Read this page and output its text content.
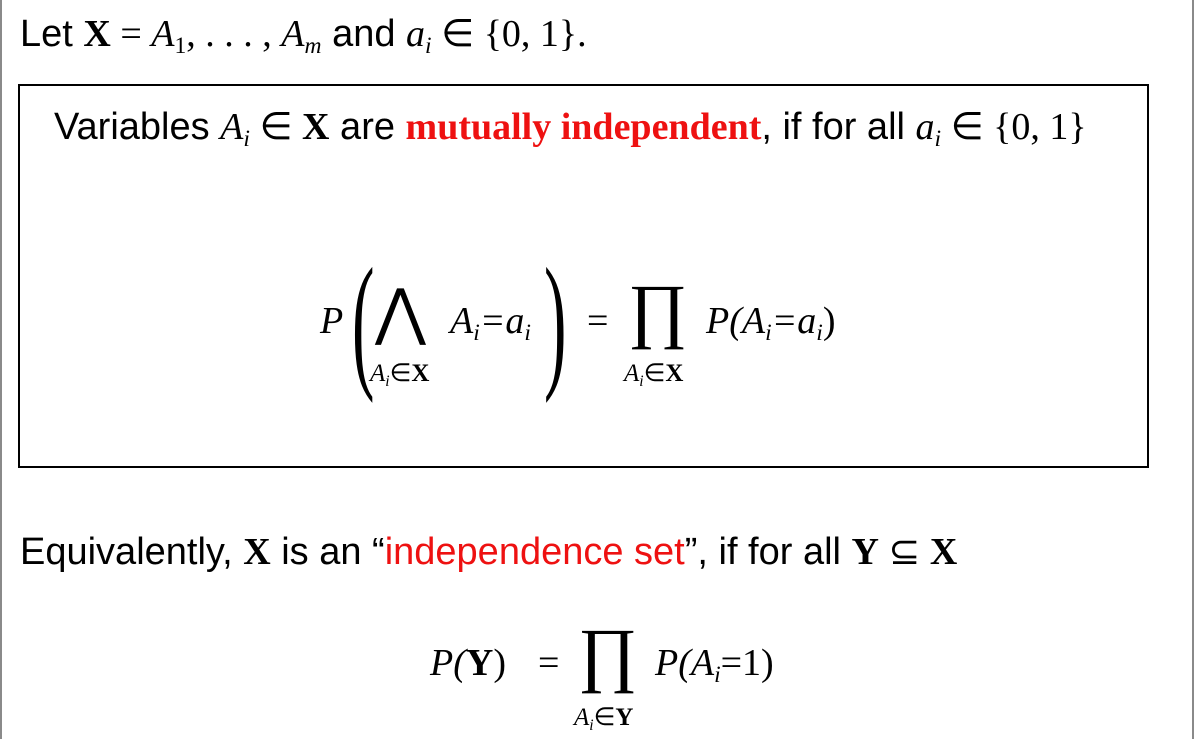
Let X = A1, . . . , Am and ai ∈ {0, 1}.
Variables Ai ∈ X are mutually independent, if for all ai ∈ {0, 1}
P ( ⋀ Ai=ai ) = ∏ P(Ai=ai)
Ai∈X	Ai∈X
Equivalently, X is an “independence set”, if for all Y ⊆ X
P(Y) = ∏ P(Ai=1)
Ai∈Y
